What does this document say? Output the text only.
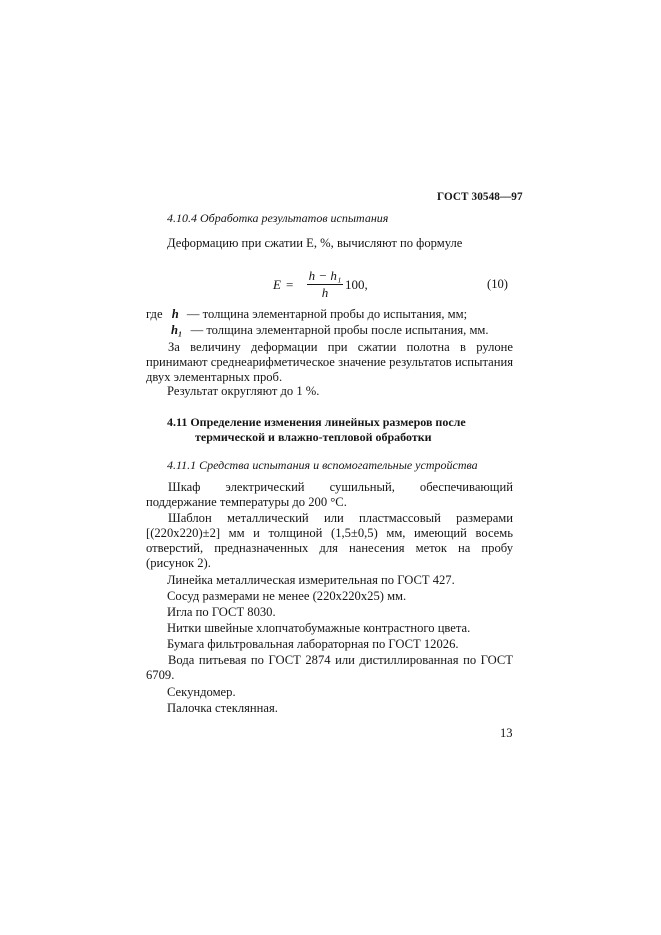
ГОСТ 30548—97
4.10.4 Обработка результатов испытания
Деформацию при сжатии E, %, вычисляют по формуле
$E = \frac{\text{h − h₁}}{h} 100$,	(10)
где h — толщина элементарной пробы до испытания, мм;
h₁ — толщина элементарной пробы после испытания, мм.
За величину деформации при сжатии полотна в рулоне принимают среднеарифметическое значение результатов испытания двух элементарных проб.
Результат округляют до 1 %.
4.11 Определение изменения линейных размеров после
термической и влажно-тепловой обработки
4.11.1 Средства испытания и вспомогательные устройства
Шкаф электрический сушильный, обеспечивающий поддержание температуры до 200 °С.
Шаблон металлический или пластмассовый размерами [(220x220)±2] мм и толщиной (1,5±0,5) мм, имеющий восемь отверстий, предназначенных для нанесения меток на пробу (рисунок 2).
Линейка металлическая измерительная по ГОСТ 427.
Сосуд размерами не менее (220x220x25) мм.
Игла по ГОСТ 8030.
Нитки швейные хлопчатобумажные контрастного цвета.
Бумага фильтровальная лабораторная по ГОСТ 12026.
Вода питьевая по ГОСТ 2874 или дистиллированная по ГОСТ 6709.
Секундомер.
Палочка стеклянная.
13
